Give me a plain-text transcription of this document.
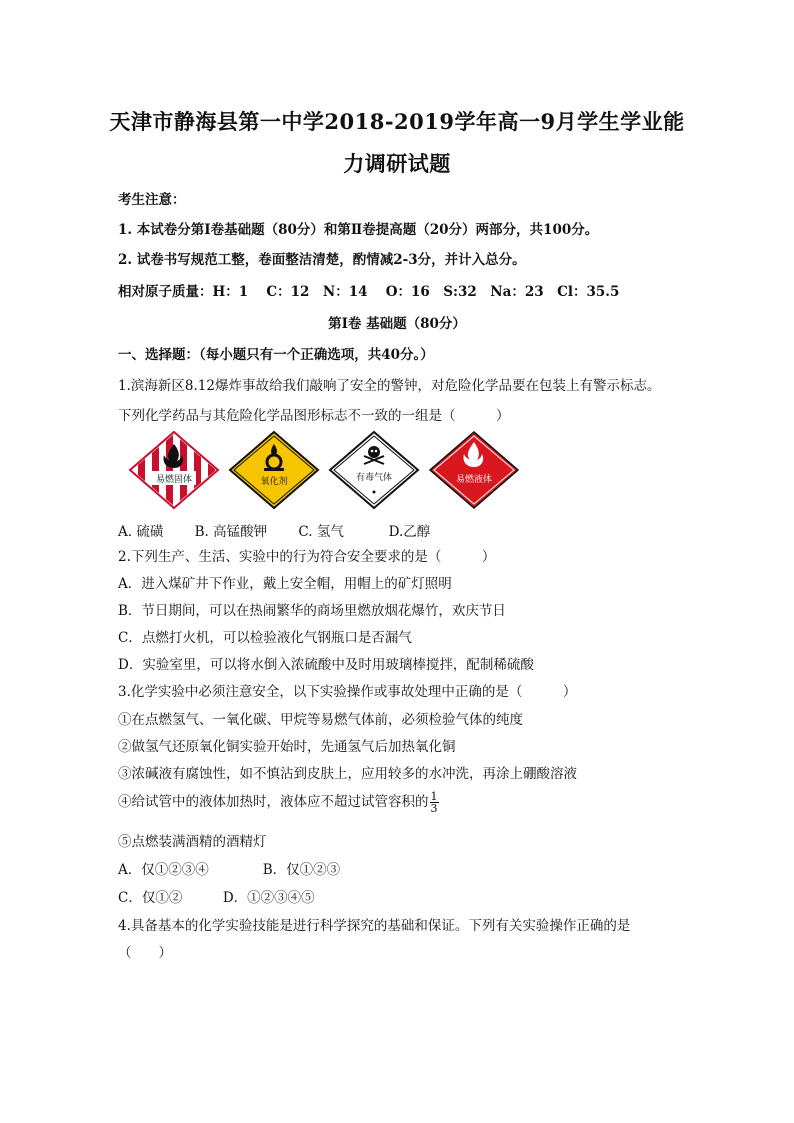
天津市静海县第一中学2018-2019学年高一9月学生学业能
力调研试题
考生注意：
1. 本试卷分第Ⅰ卷基础题（80分）和第Ⅱ卷提高题（20分）两部分，共100分。
2. 试卷书写规范工整，卷面整洁清楚，酌情减2-3分，并计入总分。
相对原子质量：H：1　 C：12　N：14　 O：16　S:32　Na：23　Cl：35.5
第Ⅰ卷 基础题（80分）
一、选择题：（每小题只有一个正确选项，共40分。）
1.滨海新区8.12爆炸事故给我们敲响了安全的警钟，对危险化学品要在包装上有警示标志。
下列化学药品与其危险化学品图形标志不一致的一组是（　　　）
易燃固体	氧化剂	有毒气体	易燃液体
A. 硫磺　　 B. 高锰酸钾　　 C. 氢气　　　 D.乙醇
2.下列生产、生活、实验中的行为符合安全要求的是（　　　）
A．进入煤矿井下作业，戴上安全帽，用帽上的矿灯照明
B．节日期间，可以在热闹繁华的商场里燃放烟花爆竹，欢庆节日
C．点燃打火机，可以检验液化气钢瓶口是否漏气
D．实验室里，可以将水倒入浓硫酸中及时用玻璃棒搅拌，配制稀硫酸
3.化学实验中必须注意安全，以下实验操作或事故处理中正确的是（　　　）
①在点燃氢气、一氧化碳、甲烷等易燃气体前，必须检验气体的纯度
②做氢气还原氧化铜实验开始时，先通氢气后加热氧化铜
③浓碱液有腐蚀性，如不慎沾到皮肤上，应用较多的水冲洗，再涂上硼酸溶液
④给试管中的液体加热时，液体应不超过试管容积的 $\frac{1}{3}$
⑤点燃装满酒精的酒精灯
A．仅①②③④　　　　B．仅①②③
C．仅①②　　　D．①②③④⑤
4.具备基本的化学实验技能是进行科学探究的基础和保证。下列有关实验操作正确的是
（　　）
